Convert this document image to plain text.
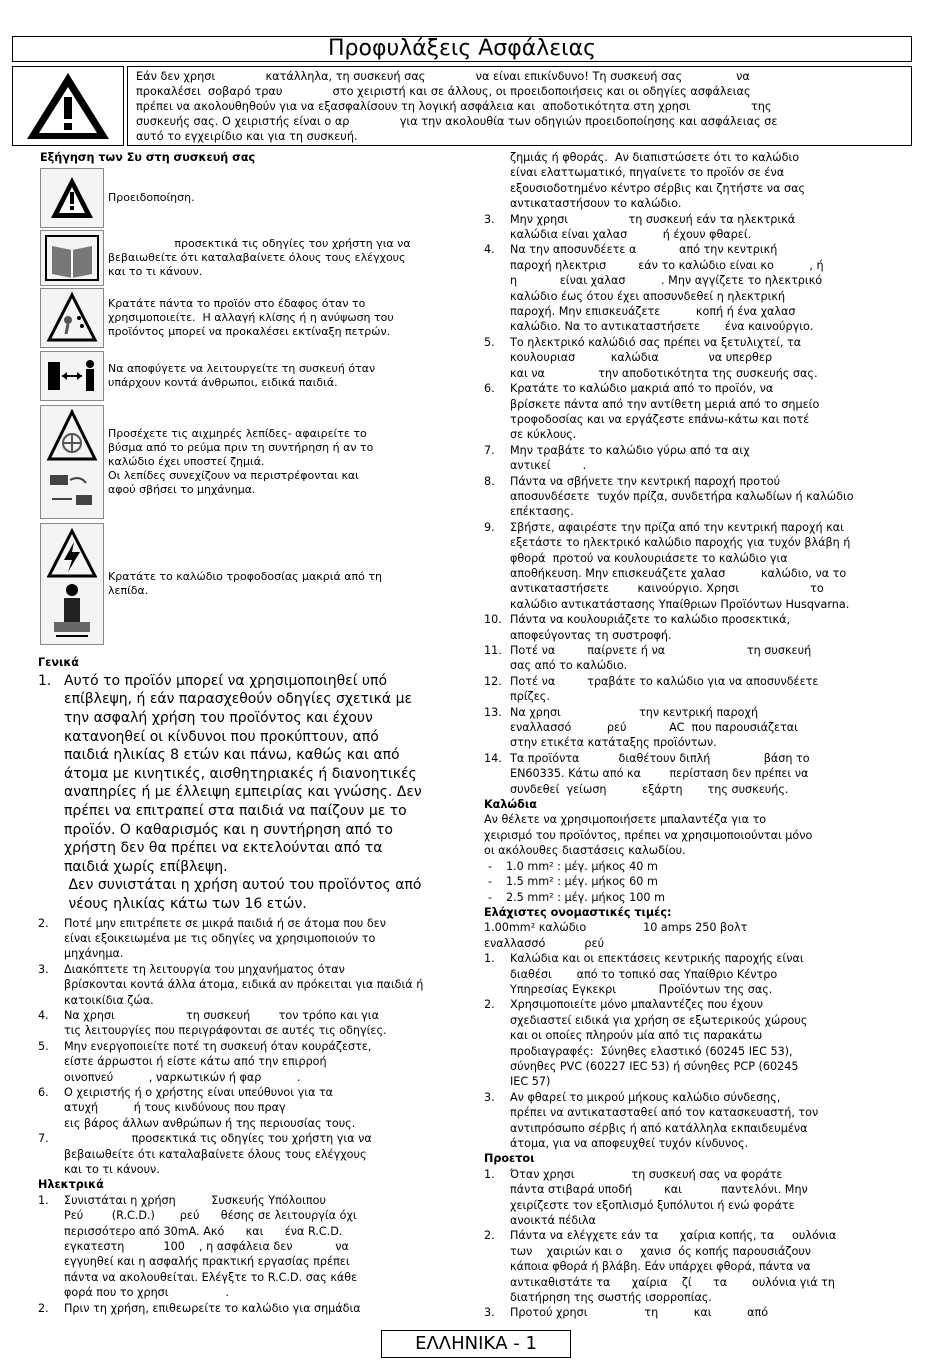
Προφυλάξεις Ασφάλειας
Εάν δεν χρησι              κατάλληλα, τη συσκευή σας              να είναι επικίνδυνο! Τη συσκευή σας               να
προκαλέσει  σοβαρό τραυ              στο χειριστή και σε άλλους, οι προειδοποιήσεις και οι οδηγίες ασφάλειας
πρέπει να ακολουθηθούν για να εξασφαλίσουν τη λογική ασφάλεια και  αποδοτικότητα στη χρησι                 της
συσκευής σας. Ο χειριστής είναι ο αρ              για την ακολουθία των οδηγιών προειδοποίησης και ασφάλειας σε
αυτό το εγχειρίδιο και για τη συσκευή.
Εξήγηση των Συ στη συσκευή σας
Προειδοποίηση.
προσεκτικά τις οδηγίες του χρήστη για να
βεβαιωθείτε ότι καταλαβαίνετε όλους τους ελέγχους
και το τι κάνουν.
Κρατάτε πάντα το προϊόν στο έδαφος όταν το
χρησιμοποιείτε.  Η αλλαγή κλίσης ή η ανύψωση του
προϊόντος μπορεί να προκαλέσει εκτίναξη πετρών.
Να αποφύγετε να λειτουργείτε τη συσκευή όταν
υπάρχουν κοντά άνθρωποι, ειδικά παιδιά.
Προσέχετε τις αιχμηρές λεπίδες- αφαιρείτε το
βύσμα από το ρεύμα πριν τη συντήρηση ή αν το
καλώδιο έχει υποστεί ζημιά.
Οι λεπίδες συνεχίζουν να περιστρέφονται και
αφού σβήσει το μηχάνημα.
Κρατάτε το καλώδιο τροφοδοσίας μακριά από τη
λεπίδα.
Γενικά
1. Αυτό το προϊόν μπορεί να χρησιμοποιηθεί υπό
επίβλεψη, ή εάν παρασχεθούν οδηγίες σχετικά με
την ασφαλή χρήση του προϊόντος και έχουν
κατανοηθεί οι κίνδυνοι που προκύπτουν, από
παιδιά ηλικίας 8 ετών και πάνω, καθώς και από
άτομα με κινητικές, αισθητηριακές ή διανοητικές
αναπηρίες ή με έλλειψη εμπειρίας και γνώσης. Δεν
πρέπει να επιτραπεί στα παιδιά να παίζουν με το
προϊόν. Ο καθαρισμός και η συντήρηση από το
χρήστη δεν θα πρέπει να εκτελούνται από τα
παιδιά χωρίς επίβλεψη.
Δεν συνιστάται η χρήση αυτού του προϊόντος από
νέους ηλικίας κάτω των 16 ετών.
2.	Ποτέ μην επιτρέπετε σε μικρά παιδιά ή σε άτομα που δεν
είναι εξοικειωμένα με τις οδηγίες να χρησιμοποιούν το
μηχάνημα.
3.	Διακόπτετε τη λειτουργία του μηχανήματος όταν
βρίσκονται κοντά άλλα άτομα, ειδικά αν πρόκειται για παιδιά ή
κατοικίδια ζώα.
4.	Να χρησι                    τη συσκευή        τον τρόπο και για
τις λειτουργίες που περιγράφονται σε αυτές τις οδηγίες.
5.	Μην ενεργοποιείτε ποτέ τη συσκευή όταν κουράζεστε,
είστε άρρωστοι ή είστε κάτω από την επιρροή
οινοπνεύ          , ναρκωτικών ή φαρ          .
6.	Ο χειριστής ή ο χρήστης είναι υπεύθυνοι για τα
ατυχή          ή τους κινδύνους που πραγ
εις βάρος άλλων ανθρώπων ή της περιουσίας τους.
7.	προσεκτικά τις οδηγίες του χρήστη για να
βεβαιωθείτε ότι καταλαβαίνετε όλους τους ελέγχους
και το τι κάνουν.
Ηλεκτρικά
1.	Συνιστάται η χρήση          Συσκευής Υπόλοιπου
Ρεύ        (R.C.D.)       ρεύ      θέσης σε λειτουργία όχι
περισσότερο από 30mA. Ακό      και      ένα R.C.D.
εγκατεστη           100    , η ασφάλεια δεν            να
εγγυηθεί και η ασφαλής πρακτική εργασίας πρέπει
πάντα να ακολουθείται. Ελέγξτε το R.C.D. σας κάθε
φορά που το χρησι                .
2.	Πριν τη χρήση, επιθεωρείτε το καλώδιο για σημάδια
ζημιάς ή φθοράς.  Αν διαπιστώσετε ότι το καλώδιο
είναι ελαττωματικό, πηγαίνετε το προϊόν σε ένα
εξουσιοδοτημένο κέντρο σέρβις και ζητήστε να σας
αντικαταστήσουν το καλώδιο.
3.	Μην χρησι                 τη συσκευή εάν τα ηλεκτρικά
καλώδια είναι χαλασ          ή έχουν φθαρεί.
4.	Να την αποσυνδέετε α            από την κεντρική
παροχή ηλεκτρισ         εάν το καλώδιο είναι κο          , ή
η            είναι χαλασ          . Μην αγγίζετε το ηλεκτρικό
καλώδιο έως ότου έχει αποσυνδεθεί η ηλεκτρική
παροχή. Μην επισκευάζετε          κοπή ή ένα χαλασ
καλώδιο. Να το αντικαταστήσετε       ένα καινούργιο.
5.	Το ηλεκτρικό καλώδιό σας πρέπει να ξετυλιχτεί, τα
κουλουριασ          καλώδια              να υπερθερ
και να               την αποδοτικότητα της συσκευής σας.
6.	Κρατάτε το καλώδιο μακριά από το προϊόν, να
βρίσκετε πάντα από την αντίθετη μεριά από το σημείο
τροφοδοσίας και να εργάζεστε επάνω-κάτω και ποτέ
σε κύκλους.
7.	Μην τραβάτε το καλώδιο γύρω από τα αιχ
αντικεί         .
8.	Πάντα να σβήνετε την κεντρική παροχή προτού
αποσυνδέσετε  τυχόν πρίζα, συνδετήρα καλωδίων ή καλώδιο
επέκτασης.
9.	Σβήστε, αφαιρέστε την πρίζα από την κεντρική παροχή και
εξετάστε το ηλεκτρικό καλώδιο παροχής για τυχόν βλάβη ή
φθορά  προτού να κουλουριάσετε το καλώδιο για
αποθήκευση. Μην επισκευάζετε χαλασ          καλώδιο, να το
αντικαταστήσετε        καινούργιο. Χρησι                    το
καλώδιο αντικατάστασης Υπαίθριων Προϊόντων Husqvarna.
10. Πάντα να κουλουριάζετε το καλώδιο προσεκτικά,
αποφεύγοντας τη συστροφή.
11. Ποτέ να         παίρνετε ή να                       τη συσκευή
σας από το καλώδιο.
12. Ποτέ να         τραβάτε το καλώδιο για να αποσυνδέετε
πρίζες.
13. Να χρησι                      την κεντρική παροχή
εναλλασσό          ρεύ            AC  που παρουσιάζεται
στην ετικέτα κατάταξης προϊόντων.
14. Τα προϊόντα           διαθέτουν διπλή               βάση το
EN60335. Κάτω από κα        περίσταση δεν πρέπει να
συνδεθεί  γείωση          εξάρτη       της συσκευής.
Καλώδια
Αν θέλετε να χρησιμοποιήσετε μπαλαντέζα για το
χειρισμό του προϊόντος, πρέπει να χρησιμοποιούνται μόνο
οι ακόλουθες διαστάσεις καλωδίου.
-	1.0 mm² : μέγ. μήκος 40 m
-	1.5 mm² : μέγ. μήκος 60 m
-	2.5 mm² : μέγ. μήκος 100 m
Ελάχιστες ονομαστικές τιμές:
1.00mm² καλώδιο                10 amps 250 βολτ
εναλλασσό           ρεύ
1.	Καλώδια και οι επεκτάσεις κεντρικής παροχής είναι
διαθέσι       από το τοπικό σας Υπαίθριο Κέντρο
Υπηρεσίας Εγκεκρι            Προϊόντων της σας.
2.	Χρησιμοποιείτε μόνο μπαλαντέζες που έχουν
σχεδιαστεί ειδικά για χρήση σε εξωτερικούς χώρους
και οι οποίες πληρούν μία από τις παρακάτω
προδιαγραφές:  Σύνηθες ελαστικό (60245 IEC 53),
σύνηθες PVC (60227 IEC 53) ή σύνηθες PCP (60245
IEC 57)
3.	Αν φθαρεί το μικρού μήκους καλώδιο σύνδεσης,
πρέπει να αντικατασταθεί από τον κατασκευαστή, τον
αντιπρόσωπο σέρβις ή από κατάλληλα εκπαιδευμένα
άτομα, για να αποφευχθεί τυχόν κίνδυνος.
Προετοι
1.	Όταν χρησι                τη συσκευή σας να φοράτε
πάντα στιβαρά υποδή         και           παντελόνι. Μην
χειρίζεστε τον εξοπλισμό ξυπόλυτοι ή ενώ φοράτε
ανοικτά πέδιλα
2.	Πάντα να ελέγχετε εάν τα      χαίρια κοπής, τα     ουλόνια
των    χαιριών και ο     χανισ  ός κοπής παρουσιάζουν
κάποια φθορά ή βλάβη. Εάν υπάρχει φθορά, πάντα να
αντικαθιστάτε τα      χαίρια    ζί      τα       ουλόνια γιά τη
διατήρηση της σωστής ισορροπίας.
3.	Προτού χρησι                τη          και          από
ΕΛΛΗΝΙΚΑ - 1
